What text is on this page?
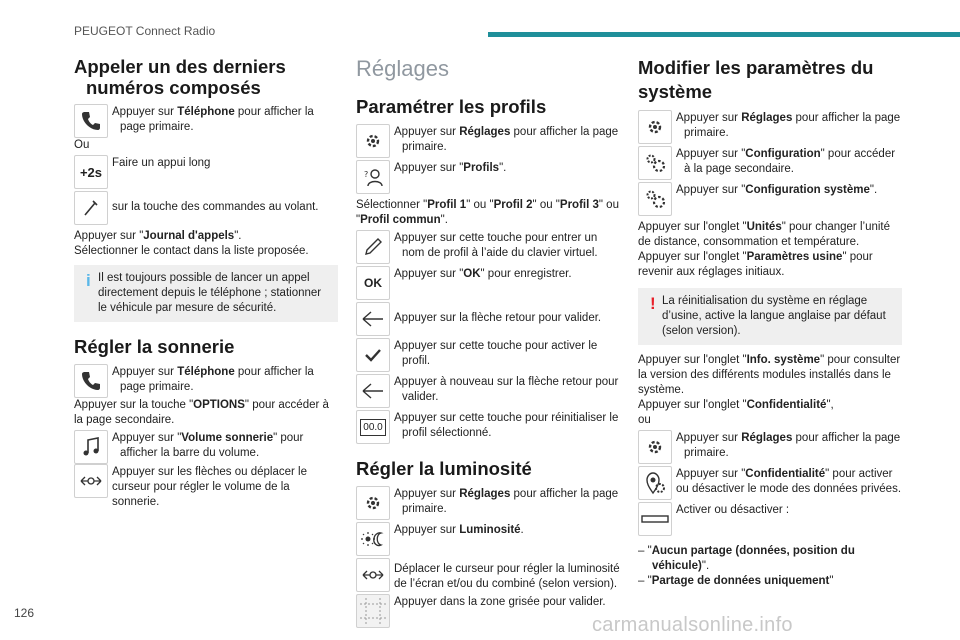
PEUGEOT Connect Radio
Appeler un des derniers
numéros composés
Appuyer sur Téléphone pour afficher la page primaire.
Ou
+2s
Faire un appui long
sur la touche des commandes au volant.
Appuyer sur "Journal d'appels".
Sélectionner le contact dans la liste proposée.
i Il est toujours possible de lancer un appel directement depuis le téléphone ; stationner le véhicule par mesure de sécurité.
Régler la sonnerie
Appuyer sur Téléphone pour afficher la page primaire.
Appuyer sur la touche "OPTIONS" pour accéder à la page secondaire.
Appuyer sur "Volume sonnerie" pour afficher la barre du volume.
Appuyer sur les flèches ou déplacer le curseur pour régler le volume de la sonnerie.
Réglages
Paramétrer les profils
Appuyer sur Réglages pour afficher la page primaire.
?
Appuyer sur "Profils".
Sélectionner "Profil 1" ou "Profil 2" ou "Profil 3" ou "Profil commun".
Appuyer sur cette touche pour entrer un nom de profil à l’aide du clavier virtuel.
OK
Appuyer sur "OK" pour enregistrer.
Appuyer sur la flèche retour pour valider.
Appuyer sur cette touche pour activer le profil.
Appuyer à nouveau sur la flèche retour pour valider.
00.0
Appuyer sur cette touche pour réinitialiser le profil sélectionné.
Régler la luminosité
Appuyer sur Réglages pour afficher la page primaire.
Appuyer sur Luminosité.
Déplacer le curseur pour régler la luminosité de l’écran et/ou du combiné (selon version).
Appuyer dans la zone grisée pour valider.
Modifier les paramètres du
système
Appuyer sur Réglages pour afficher la page primaire.
Appuyer sur "Configuration" pour accéder à la page secondaire.
Appuyer sur "Configuration système".
Appuyer sur l'onglet "Unités" pour changer l’unité de distance, consommation et température.
Appuyer sur l'onglet "Paramètres usine" pour revenir aux réglages initiaux.
! La réinitialisation du système en réglage d’usine, active la langue anglaise par défaut (selon version).
Appuyer sur l'onglet "Info. système" pour consulter la version des différents modules installés dans le système.
Appuyer sur l'onglet "Confidentialité",
ou
Appuyer sur Réglages pour afficher la page primaire.
Appuyer sur "Confidentialité" pour activer ou désactiver le mode des données privées.
Activer ou désactiver :
– "Aucun partage (données, position du véhicule)".
– "Partage de données uniquement"
126
carmanualsonline.info
